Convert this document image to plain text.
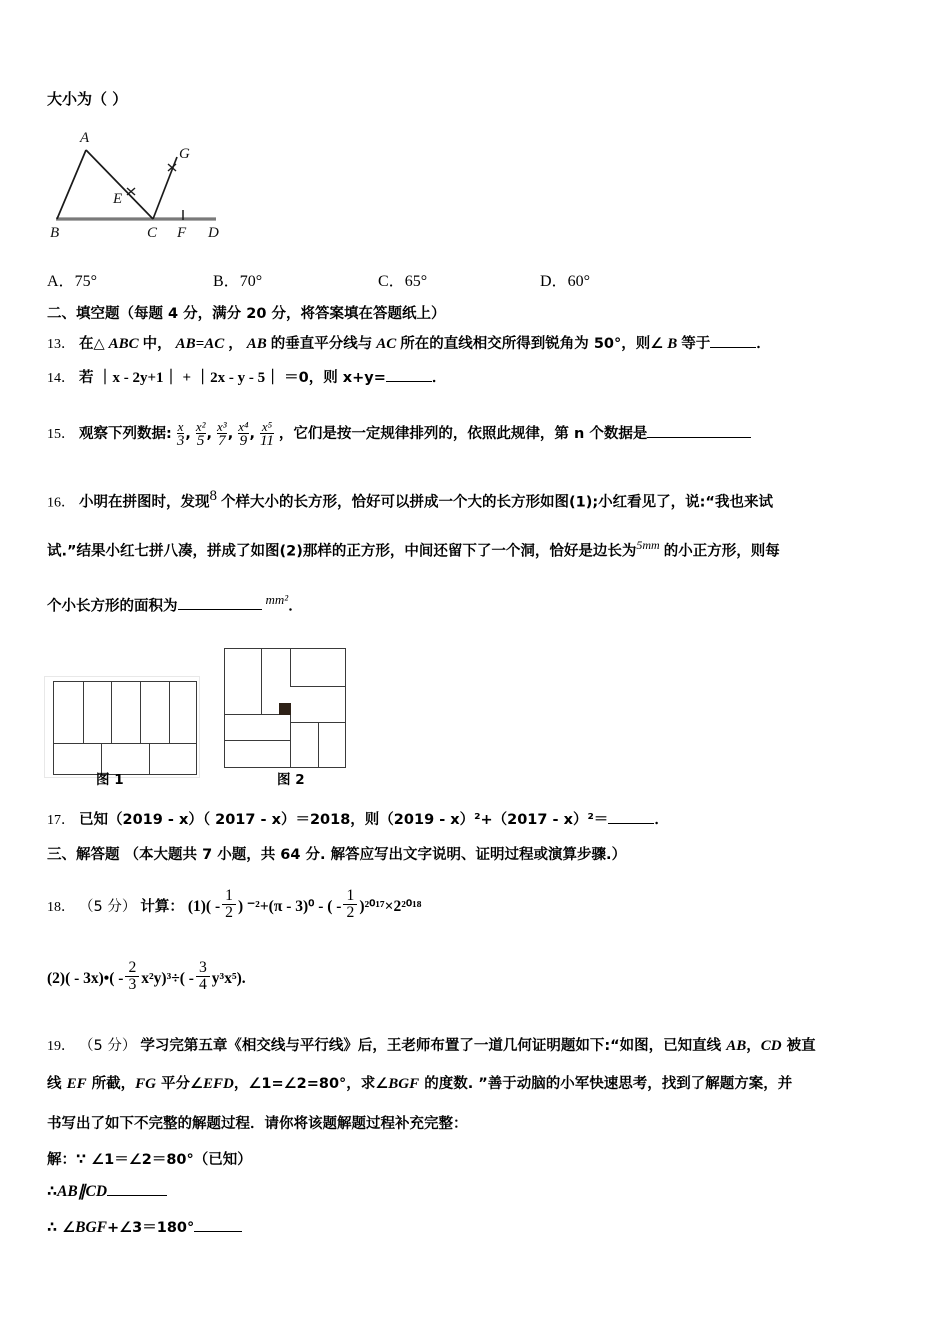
大小为（ ）
A
G
E
B	C F D
A．75°	B．70°	C．65°	D．60°
二、填空题（每题 4 分，满分 20 分，将答案填在答题纸上）
13． 在△ ABC 中， AB=AC ， AB 的垂直平分线与 AC 所在的直线相交所得到锐角为 50°，则∠ B 等于	．
14． 若 ｜x - 2y+1｜ + ｜2x - y - 5｜ ＝0，则 x+y=	．
15． 观察下列数据: $\frac{x}{3}$ , $\frac{\text{x²}}{5}$ , $\frac{\text{x³}}{7}$ , $\frac{\text{x⁴}}{9}$ , $\frac{\text{x⁵}}{11}$ ，它们是按一定规律排列的，依照此规律，第 n 个数据是
16． 小明在拼图时，发现8 个样大小的长方形，恰好可以拼成一个大的长方形如图(1);小红看见了，说:“我也来试
试.”结果小红七拼八凑，拼成了如图(2)那样的正方形，中间还留下了一个洞，恰好是边长为$^{5mm}$ 的小正方形，则每
个小长方形的面积为	$^{mm^2}$．
图 1	图 2
17． 已知（2019 - x）（ 2017 - x）＝2018，则（2019 - x）²+（2017 - x）²＝	．
三、解答题 （本大题共 7 小题，共 64 分. 解答应写出文字说明、证明过程或演算步骤.）
18． （5 分） 计算： $(1)( - \frac{1}{2}$ ) ⁻²+(π - 3)⁰ - ( - $\frac{1}{2} )^{2017}\times 2^{2018}$
(2)( - 3x)•( - $\frac{2}{3} x^2y)^3\div( - \frac{3}{4} y^3x^5)$.
19． （5 分） 学习完第五章《相交线与平行线》后，王老师布置了一道几何证明题如下:“如图，已知直线 AB，CD 被直
线 EF 所截，FG 平分∠EFD，∠1=∠2=80°，求∠BGF 的度数. ”善于动脑的小军快速思考，找到了解题方案，并
书写出了如下不完整的解题过程．请你将该题解题过程补充完整：
解：∵ ∠1＝∠2＝80°（已知）
∴AB∥CD
∴ ∠BGF+∠3＝180°
